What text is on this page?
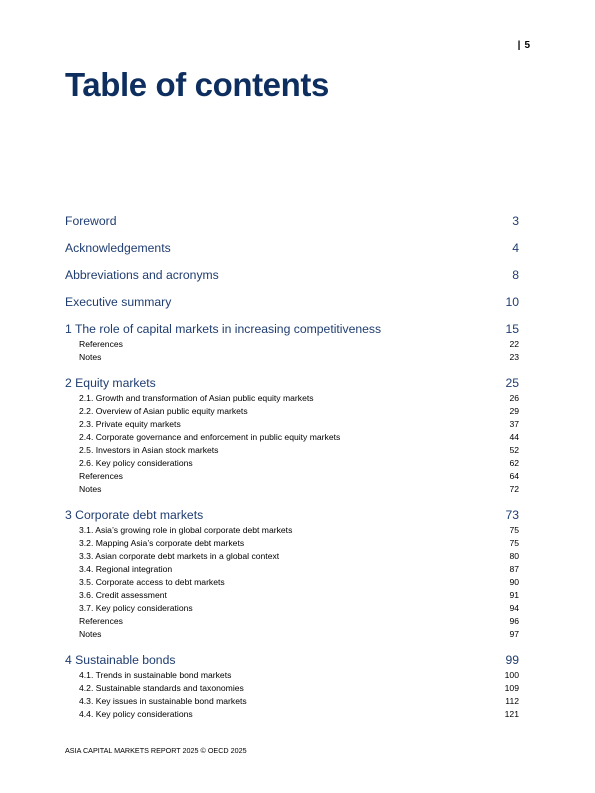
| 5
Table of contents
Foreword	3
Acknowledgements	4
Abbreviations and acronyms	8
Executive summary	10
1 The role of capital markets in increasing competitiveness	15
References	22
Notes	23
2 Equity markets	25
2.1. Growth and transformation of Asian public equity markets	26
2.2. Overview of Asian public equity markets	29
2.3. Private equity markets	37
2.4. Corporate governance and enforcement in public equity markets	44
2.5. Investors in Asian stock markets	52
2.6. Key policy considerations	62
References	64
Notes	72
3 Corporate debt markets	73
3.1. Asia’s growing role in global corporate debt markets	75
3.2. Mapping Asia’s corporate debt markets	75
3.3. Asian corporate debt markets in a global context	80
3.4. Regional integration	87
3.5. Corporate access to debt markets	90
3.6. Credit assessment	91
3.7. Key policy considerations	94
References	96
Notes	97
4 Sustainable bonds	99
4.1. Trends in sustainable bond markets	100
4.2. Sustainable standards and taxonomies	109
4.3. Key issues in sustainable bond markets	112
4.4. Key policy considerations	121
ASIA CAPITAL MARKETS REPORT 2025 © OECD 2025
